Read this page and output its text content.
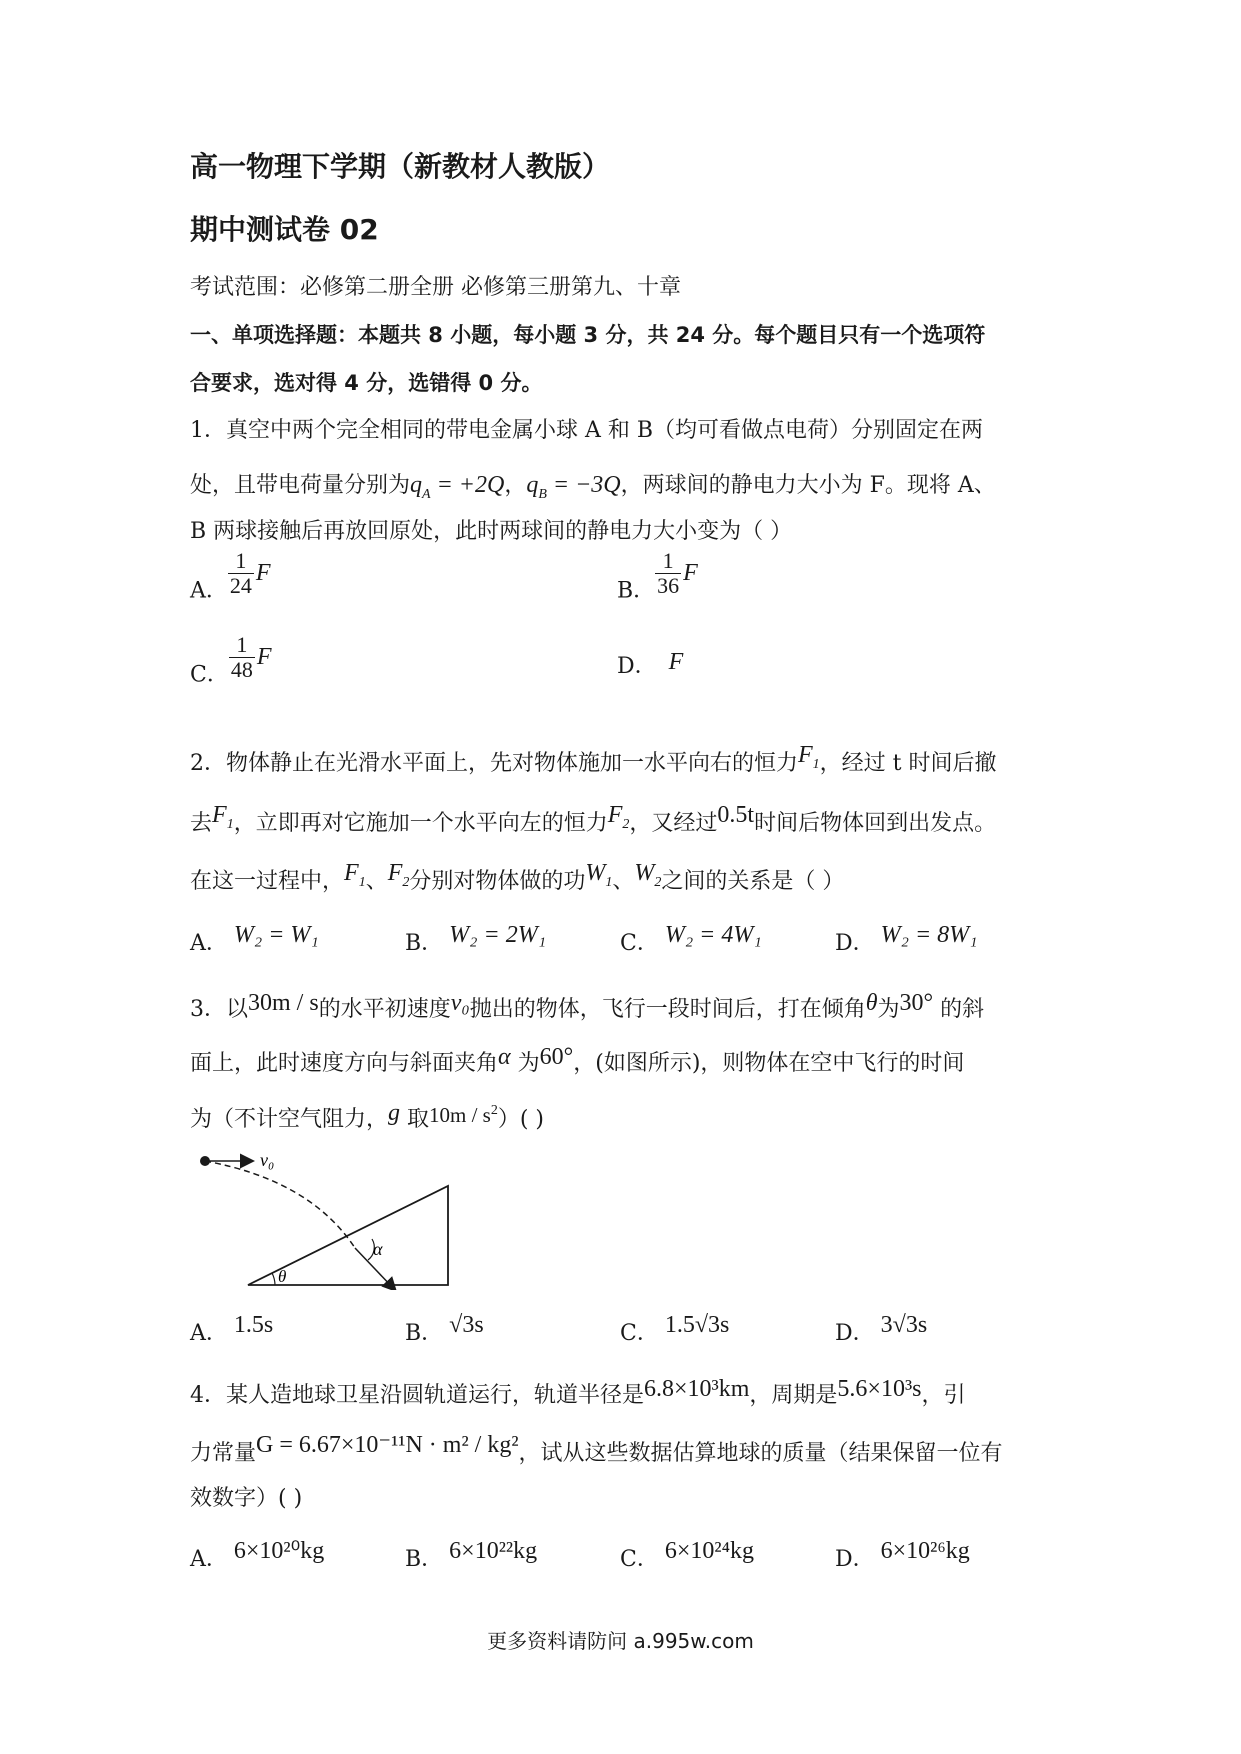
高一物理下学期（新教材人教版）
期中测试卷 02
考试范围：必修第二册全册 必修第三册第九、十章
一、单项选择题：本题共 8 小题，每小题 3 分，共 24 分。每个题目只有一个选项符
合要求，选对得 4 分，选错得 0 分。
1．真空中两个完全相同的带电金属小球 A 和 B（均可看做点电荷）分别固定在两
处，且带电荷量分别为$q_A = +2Q$，$q_B = -3Q$，两球间的静电力大小为 F。现将 A、
B 两球接触后再放回原处，此时两球间的静电力大小变为（ ）
A． $\frac{1}{24}$ F
B． $\frac{1}{36}$ F
C． $\frac{1}{48}$ F	D． F
2．物体静止在光滑水平面上，先对物体施加一水平向右的恒力$F_1$，经过 t 时间后撤
去$F_1$，立即再对它施加一个水平向左的恒力$F_2$，又经过0.5t时间后物体回到出发点。
在这一过程中，$F_1$、$F_2$分别对物体做的功$W_1$、$W_2$之间的关系是（ ）
A． W₂ = W₁	B． W₂ = 2W₁	C． W₂ = 4W₁	D． W₂ = 8W₁
3．以30m / s的水平初速度v₀抛出的物体，飞行一段时间后，打在倾角θ为30° 的斜
面上，此时速度方向与斜面夹角α 为60°，(如图所示)，则物体在空中飞行的时间
为（不计空气阻力，g 取$10m / s^2$）( )
v₀
α
θ
A． 1.5s	B． √3s	C． 1.5√3s	D． 3√3s
4．某人造地球卫星沿圆轨道运行，轨道半径是6.8×10³km，周期是5.6×10³s，引
力常量G = 6.67×10⁻¹¹N · m² / kg²，试从这些数据估算地球的质量（结果保留一位有
效数字）( )
A． 6×10²⁰kg	B． 6×10²²kg	C． 6×10²⁴kg	D． 6×10²⁶kg
更多资料请防问 a.995w.com
